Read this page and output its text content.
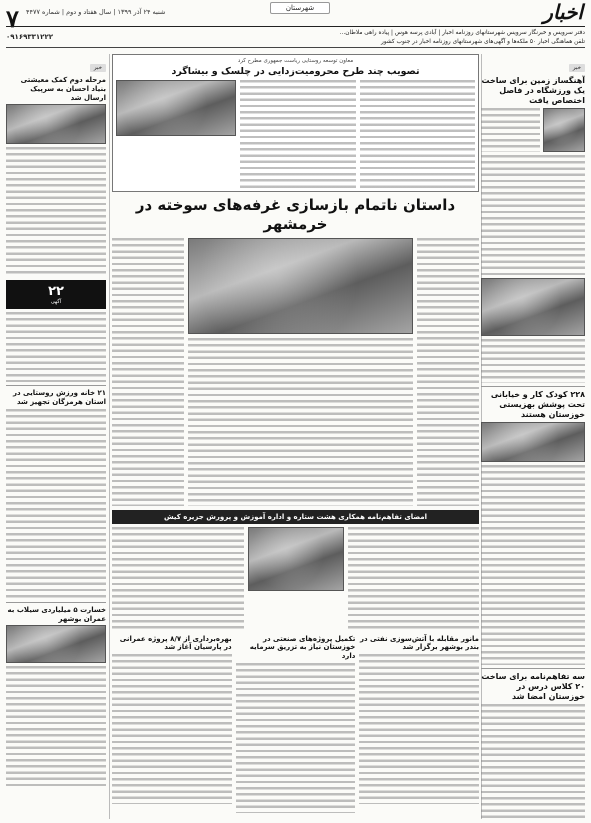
۷ شنبه ۲۴ آذر ۱۳۹۹ | سال هفتاد و دوم | شماره ۴۴۷۷	شهرستان	اخبار
دفتر سرویس و خبرنگار سرویس شهرستانهای روزنامه اخبار | آبادی پرسه هوس | پیاده راهی ملاطان...
تلفن هماهنگی اخبار ۵۰ ملکه‌ها و آگهی‌های شهرستانهای روزنامه اخبار در جنوب کشور
۰۹۱۶۹۳۳۱۲۲۲
خبر
آهنگساز زمین برای ساخت یک ورزشگاه در فاصل اختصاص یافت
۲۲۸ کودک کار و خیابانی تحت پوشش بهزیستی خوزستان هستند
سه تفاهم‌نامه برای ساخت ۲۰ کلاس درس در خوزستان امضا شد
خبر
مرحله دوم کمک معیشتی بنیاد احسان به سرپیک ارسال شد
۲۲
آگهی
۲۱ خانه ورزش روستایی در استان هرمزگان تجهیز شد
خسارت ۵ میلیاردی سیلاب به عمران بوشهر
معاون توسعه روستایی ریاست جمهوری مطرح کرد
تصویب چند طرح محرومیت‌زدایی در چلسک و بیشاگرد
داستان ناتمام بازسازی غرفه‌های سوخته در خرمشهر
امضای تفاهم‌نامه همکاری هشت ستاره و اداره آموزش و پرورش جزیره کیش
مانور مقابله با آتش‌سوزی نفتی در بندر بوشهر برگزار شد
تکمیل پروژه‌های صنعتی در خوزستان نیاز به تزریق سرمایه دارد
بهره‌برداری از ۸/۷ پروژه عمرانی در پارسیان آغاز شد
